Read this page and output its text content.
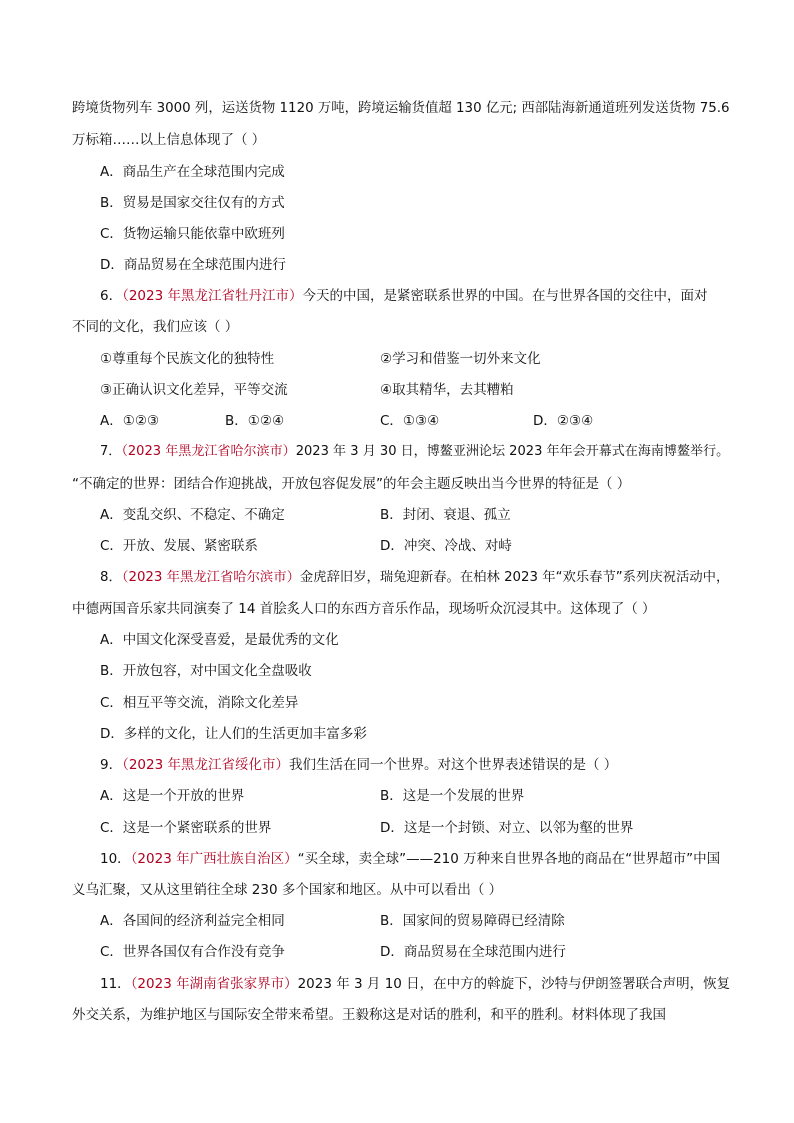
跨境货物列车 3000 列，运送货物 1120 万吨，跨境运输货值超 130 亿元; 西部陆海新通道班列发送货物 75.6
万标箱……以上信息体现了（ ）
A．商品生产在全球范围内完成
B．贸易是国家交往仅有的方式
C．货物运输只能依靠中欧班列
D．商品贸易在全球范围内进行
6．（2023 年黑龙江省牡丹江市）今天的中国，是紧密联系世界的中国。在与世界各国的交往中，面对
不同的文化，我们应该（ ）
①尊重每个民族文化的独特性	②学习和借鉴一切外来文化
③正确认识文化差异，平等交流	④取其精华，去其糟粕
A．①②③	B．①②④	C．①③④	D．②③④
7．（2023 年黑龙江省哈尔滨市）2023 年 3 月 30 日，博鳌亚洲论坛 2023 年年会开幕式在海南博鳌举行。
“不确定的世界：团结合作迎挑战，开放包容促发展”的年会主题反映出当今世界的特征是（ ）
A．变乱交织、不稳定、不确定	B．封闭、衰退、孤立
C．开放、发展、紧密联系	D．冲突、冷战、对峙
8．（2023 年黑龙江省哈尔滨市）金虎辞旧岁，瑞兔迎新春。在柏林 2023 年“欢乐春节”系列庆祝活动中，
中德两国音乐家共同演奏了 14 首脍炙人口的东西方音乐作品，现场听众沉浸其中。这体现了（ ）
A．中国文化深受喜爱，是最优秀的文化
B．开放包容，对中国文化全盘吸收
C．相互平等交流，消除文化差异
D．多样的文化，让人们的生活更加丰富多彩
9．（2023 年黑龙江省绥化市）我们生活在同一个世界。对这个世界表述错误的是（ ）
A．这是一个开放的世界	B．这是一个发展的世界
C．这是一个紧密联系的世界	D．这是一个封锁、对立、以邻为壑的世界
10．（2023 年广西壮族自治区）“买全球，卖全球”——210 万种来自世界各地的商品在“世界超市”中国
义乌汇聚，又从这里销往全球 230 多个国家和地区。从中可以看出（ ）
A．各国间的经济利益完全相同	B．国家间的贸易障碍已经清除
C．世界各国仅有合作没有竞争	D．商品贸易在全球范围内进行
11．（2023 年湖南省张家界市）2023 年 3 月 10 日，在中方的斡旋下，沙特与伊朗签署联合声明，恢复
外交关系，为维护地区与国际安全带来希望。王毅称这是对话的胜利，和平的胜利。材料体现了我国
